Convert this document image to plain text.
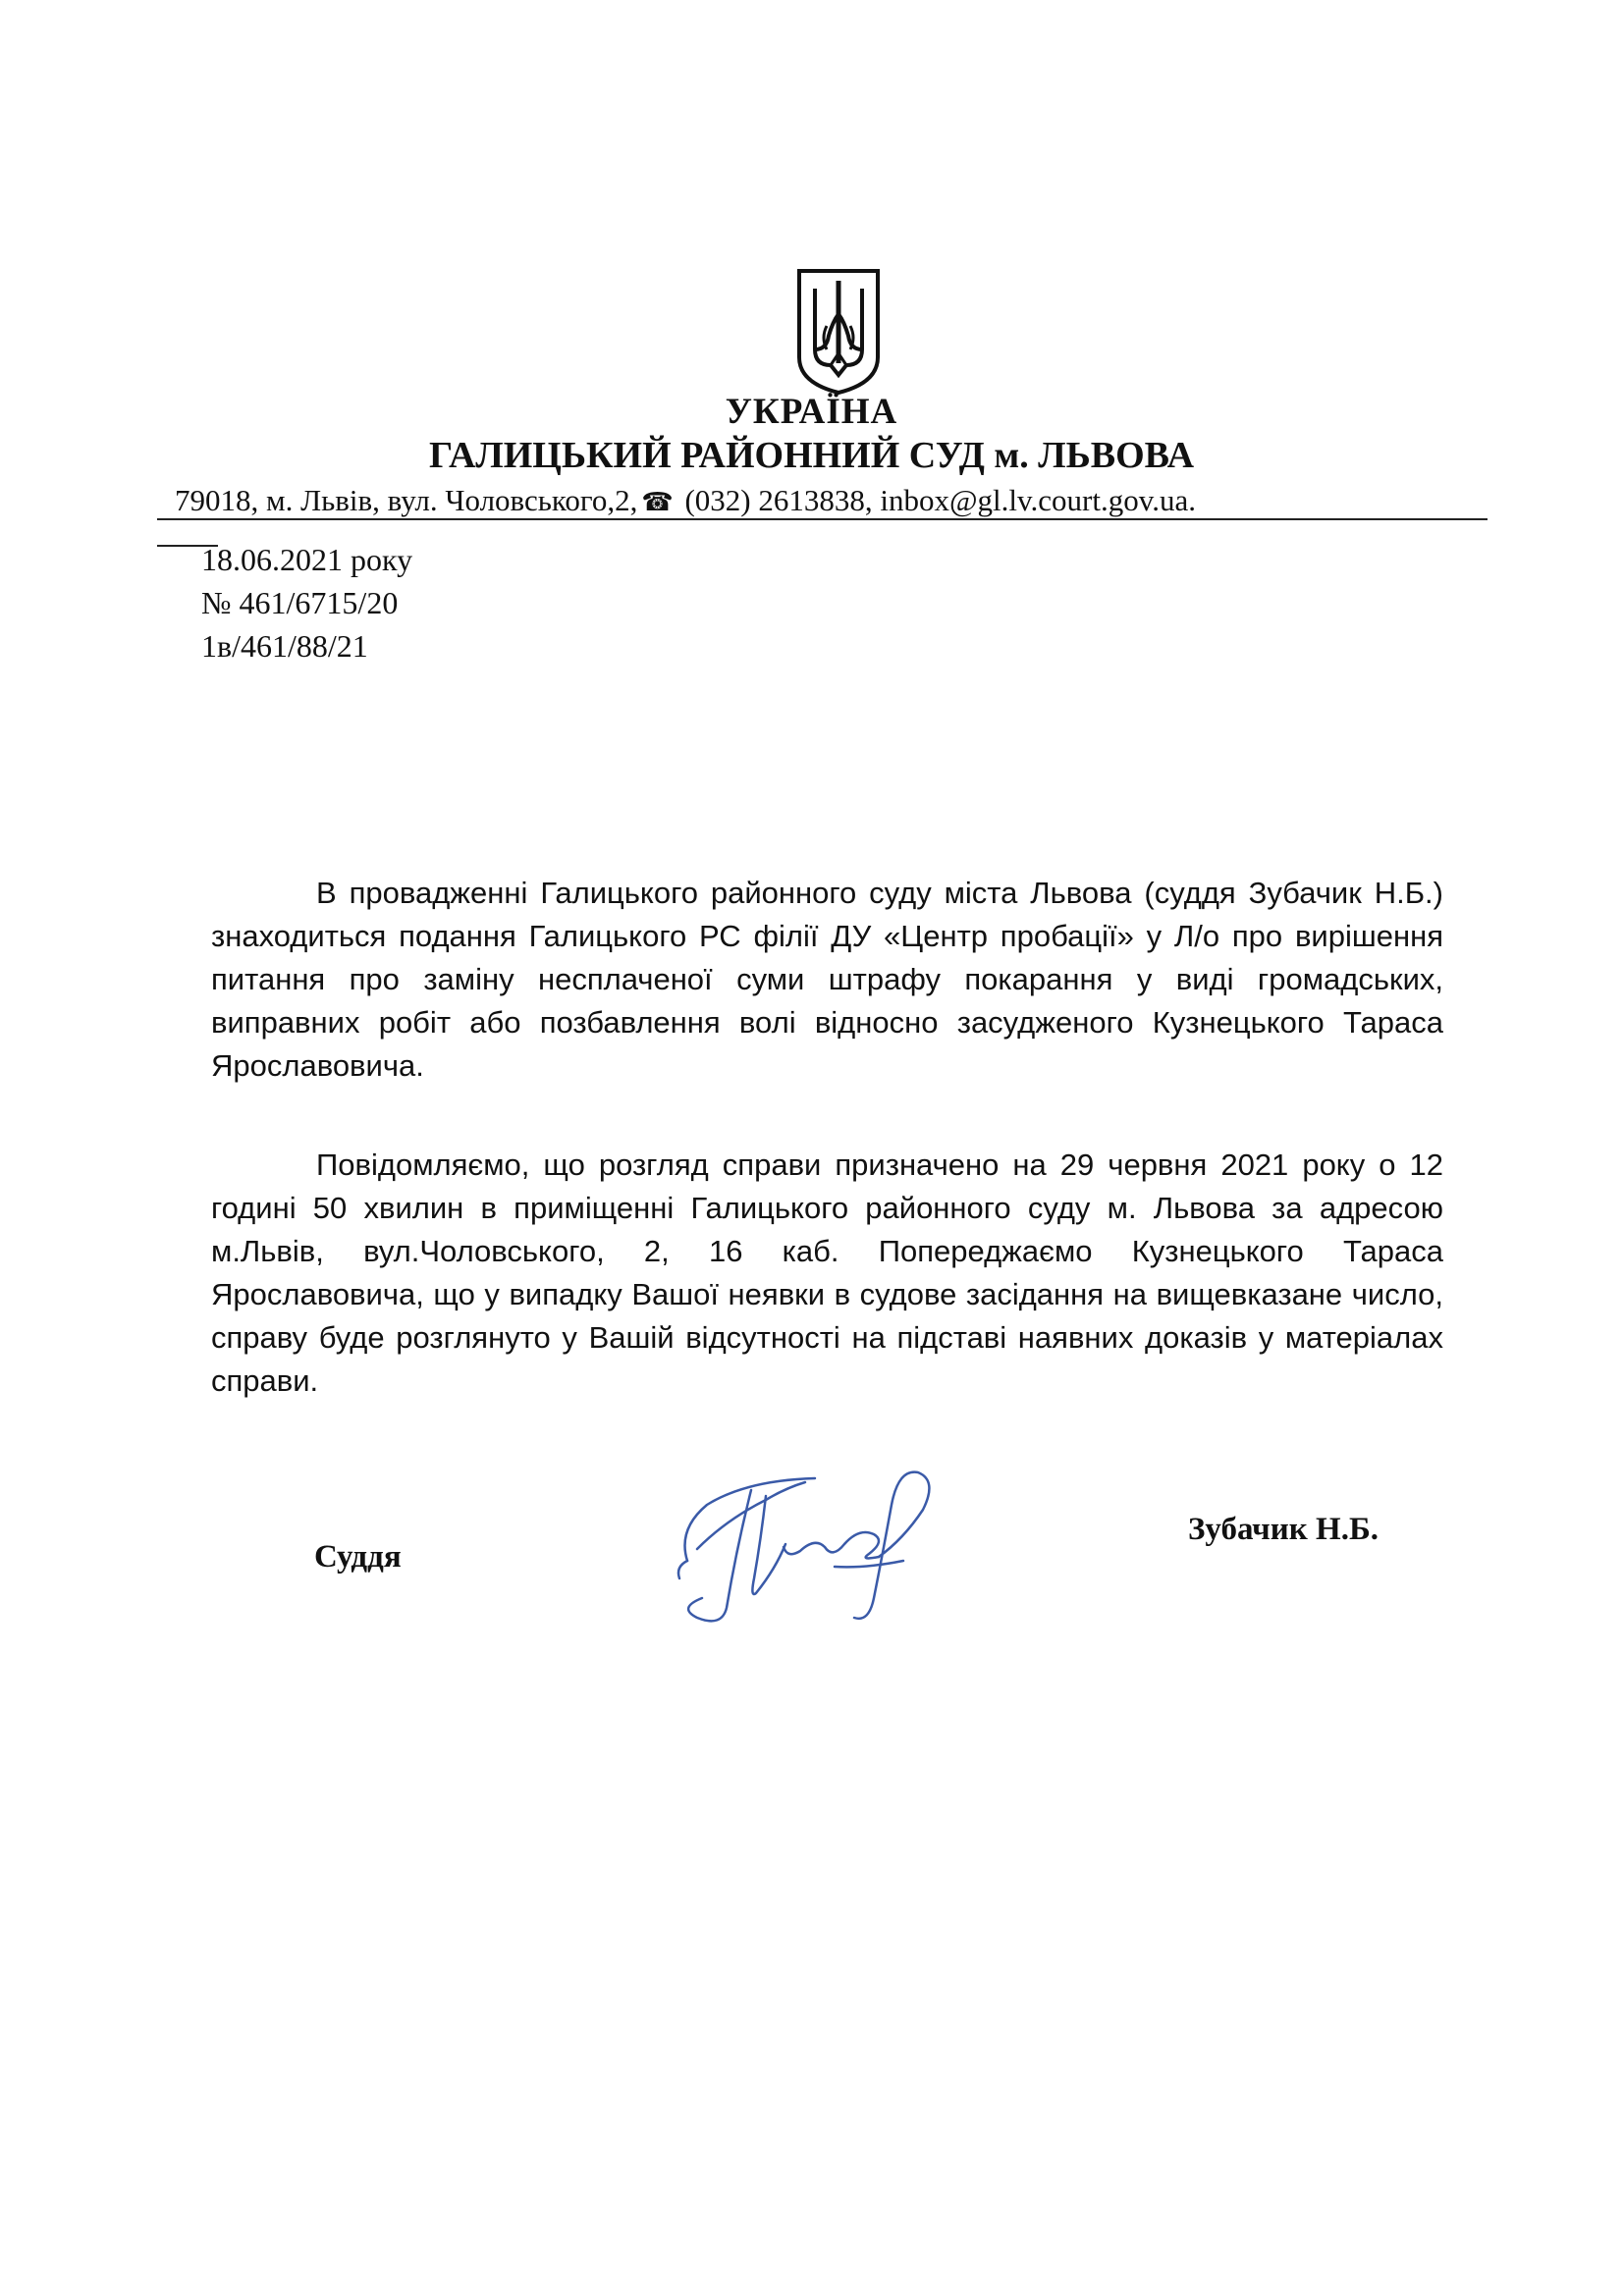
УКРАЇНА
ГАЛИЦЬКИЙ РАЙОННИЙ СУД м. ЛЬВОВА
79018, м. Львів, вул. Чоловського,2, ☎ (032) 2613838, inbox@gl.lv.court.gov.ua.
18.06.2021 року
№ 461/6715/20
1в/461/88/21
В провадженні Галицького районного суду міста Львова (суддя Зубачик Н.Б.) знаходиться подання Галицького РС філії ДУ «Центр пробації» у Л/о про вирішення питання про заміну несплаченої суми штрафу покарання у виді громадських, виправних робіт або позбавлення волі відносно засудженого Кузнецького Тараса Ярославовича.
Повідомляємо, що розгляд справи призначено на 29 червня 2021 року о 12 годині 50 хвилин в приміщенні Галицького районного суду м. Львова за адресою м.Львів, вул.Чоловського, 2, 16 каб. Попереджаємо Кузнецького Тараса Ярославовича, що у випадку Вашої неявки в судове засідання на вищевказане число, справу буде розглянуто у Вашій відсутності на підставі наявних доказів у матеріалах справи.
Суддя
Зубачик Н.Б.
